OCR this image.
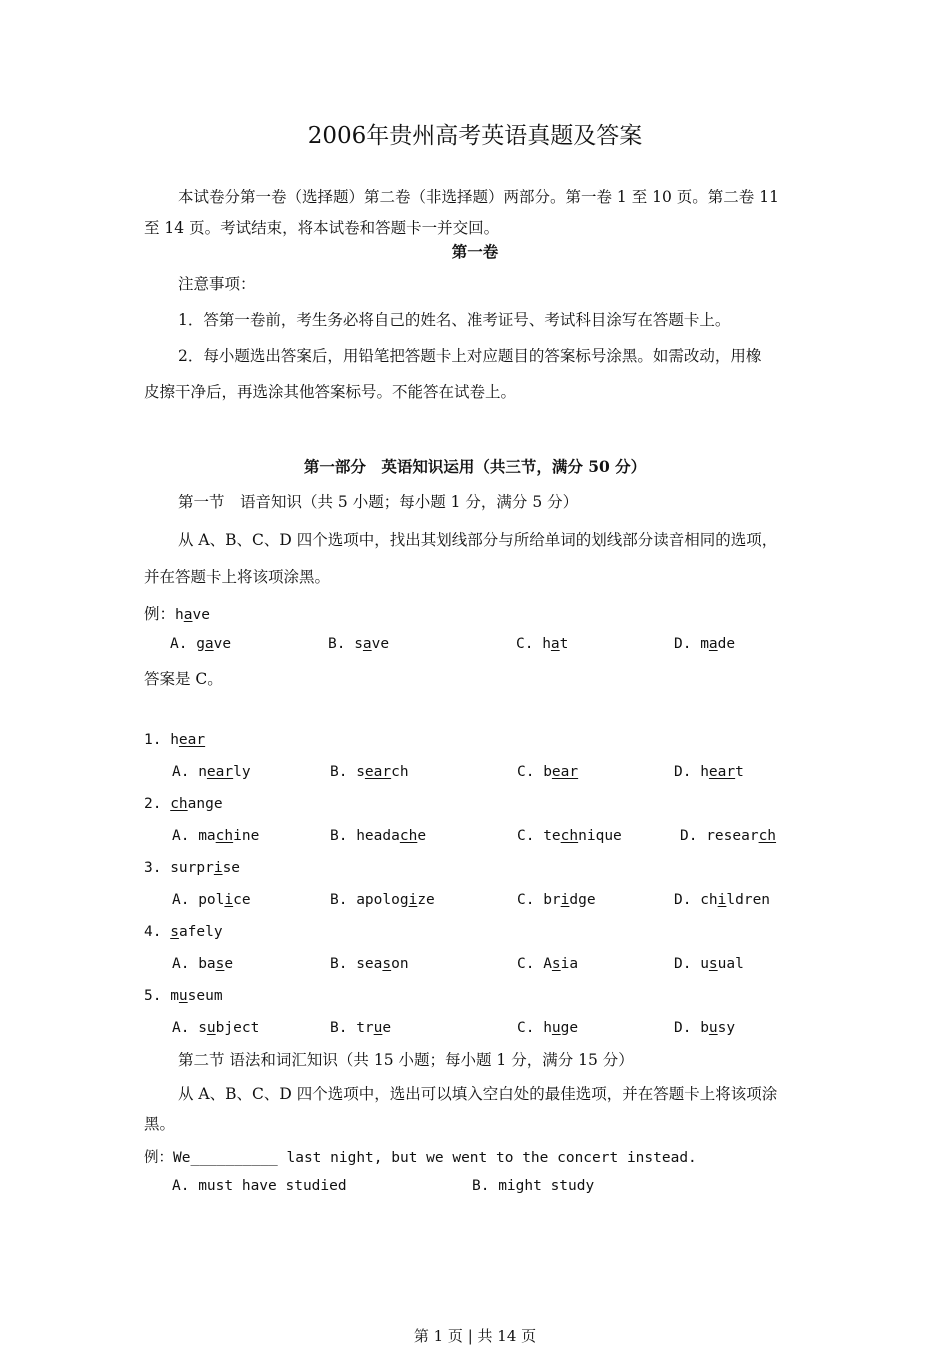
2006年贵州高考英语真题及答案
本试卷分第一卷（选择题）第二卷（非选择题）两部分。第一卷 1 至 10 页。第二卷 11
至 14 页。考试结束，将本试卷和答题卡一并交回。
第一卷
注意事项：
1．答第一卷前，考生务必将自己的姓名、准考证号、考试科目涂写在答题卡上。
2．每小题选出答案后，用铅笔把答题卡上对应题目的答案标号涂黑。如需改动，用橡
皮擦干净后，再选涂其他答案标号。不能答在试卷上。
第一部分　英语知识运用（共三节，满分 50 分）
第一节　语音知识（共 5 小题；每小题 1 分，满分 5 分）
从 A、B、C、D 四个选项中，找出其划线部分与所给单词的划线部分读音相同的选项，
并在答题卡上将该项涂黑。
例：have
A. gave	B. save	C. hat	D. made
答案是 C。
1. hear
A. nearly	B. search	C. bear	D. heart
2. change
A. machine	B. headаche	C. technique	D. research
3. surprise
A. police	B. apologize	C. bridge	D. children
4. safely
A. base	B. season	C. Asia	D. usual
5. museum
A. subject	B. true	C. huge	D. busy
第二节 语法和词汇知识（共 15 小题；每小题 1 分，满分 15 分）
从 A、B、C、D 四个选项中，选出可以填入空白处的最佳选项，并在答题卡上将该项涂
黑。
例：We__________ last night, but we went to the concert instead.
A. must have studied	B. might study
第 1 页 | 共 14 页
